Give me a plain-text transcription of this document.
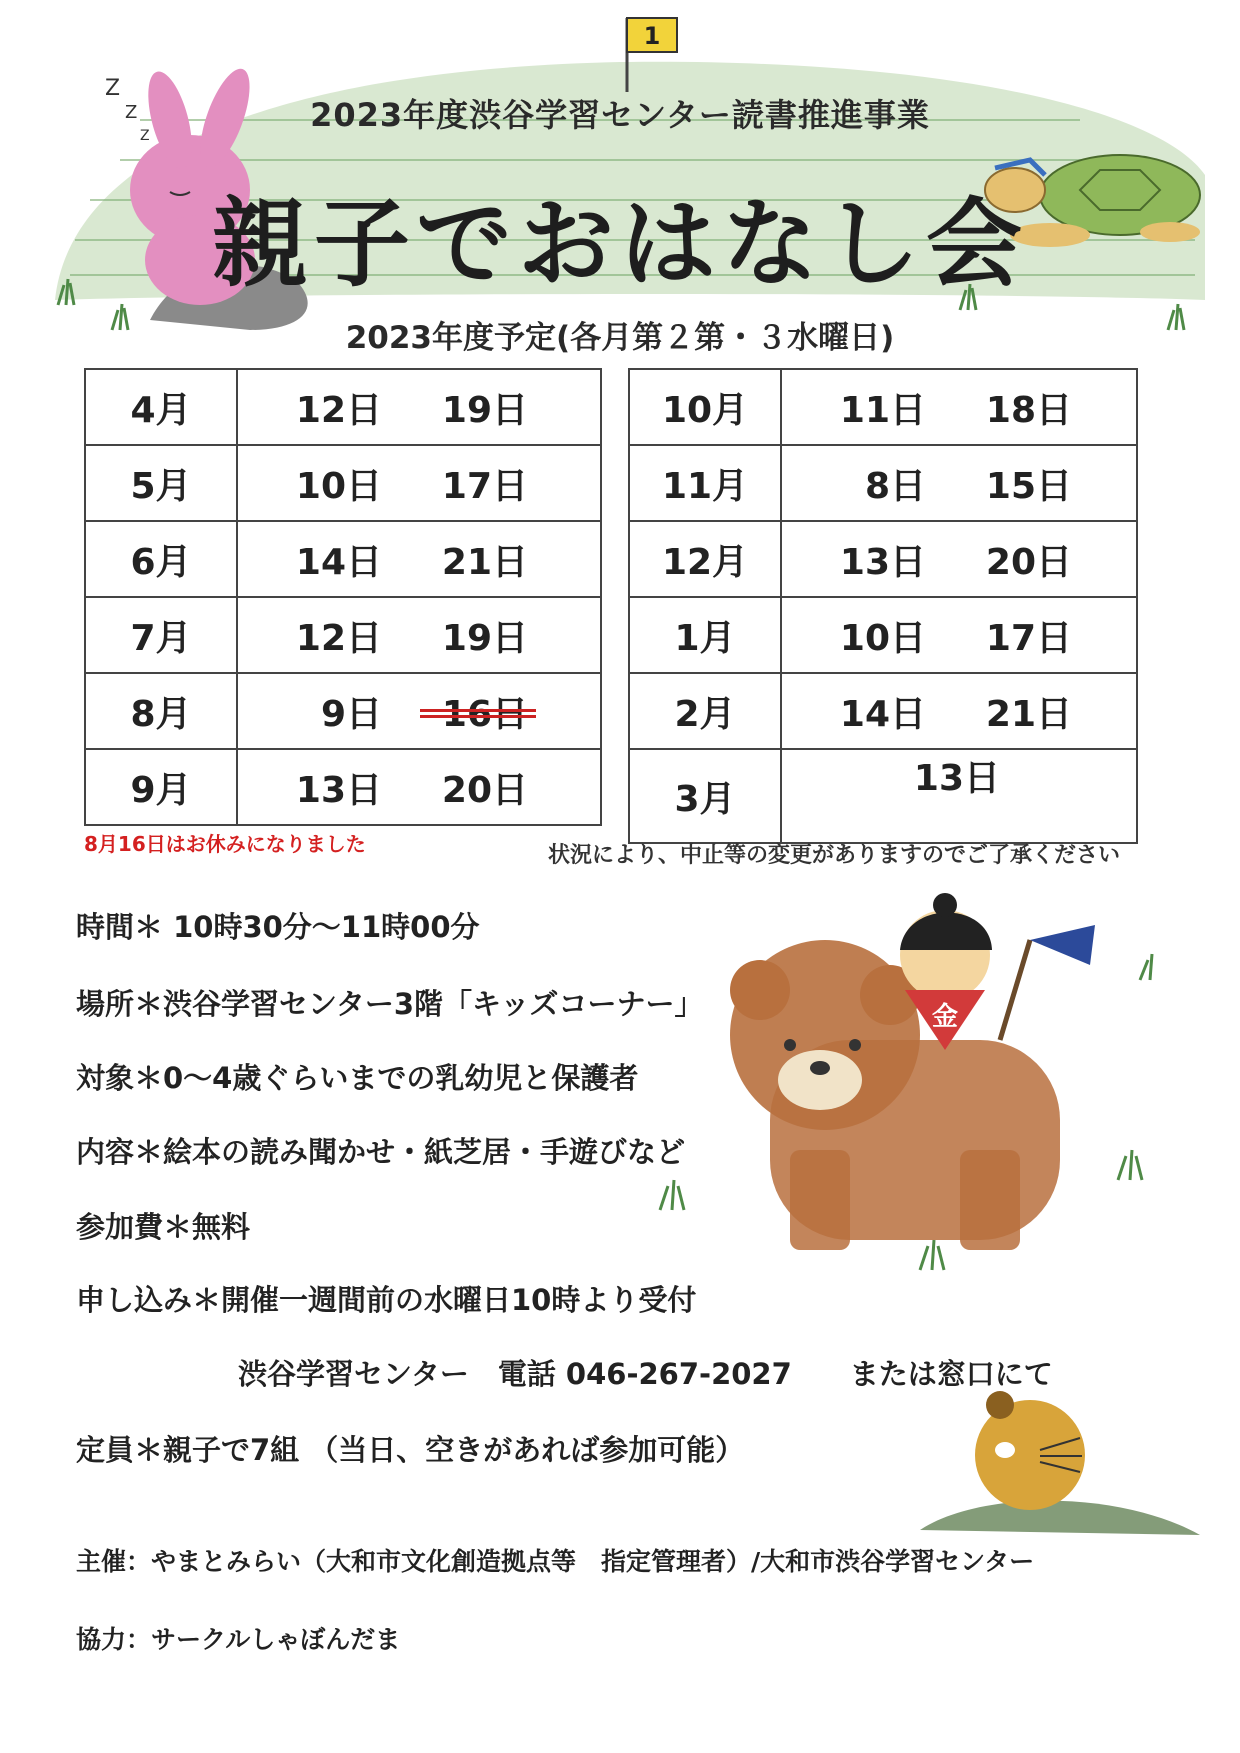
1
Z
Z
Z
金
2023年度渋谷学習センター読書推進事業
親子でおはなし会
2023年度予定(各月第２第・３水曜日)
4月	12日 19日
5月	10日 17日
6月	14日 21日
7月	12日 19日
8月	9日 16日
9月	13日 20日
10月	11日 18日
11月	8日 15日
12月	13日 20日
1月	10日 17日
2月	14日 21日
3月	13日
8月16日はお休みになりました	状況により、中止等の変更がありますのでご了承ください
時間＊ 10時30分～11時00分
場所＊渋谷学習センター3階「キッズコーナー」
対象＊0～4歳ぐらいまでの乳幼児と保護者
内容＊絵本の読み聞かせ・紙芝居・手遊びなど
参加費＊無料
申し込み＊開催一週間前の水曜日10時より受付
渋谷学習センター　電話 046-267-2027　　または窓口にて
定員＊親子で7組 （当日、空きがあれば参加可能）
主催：やまとみらい（大和市文化創造拠点等　指定管理者）/大和市渋谷学習センター
協力：サークルしゃぼんだま
